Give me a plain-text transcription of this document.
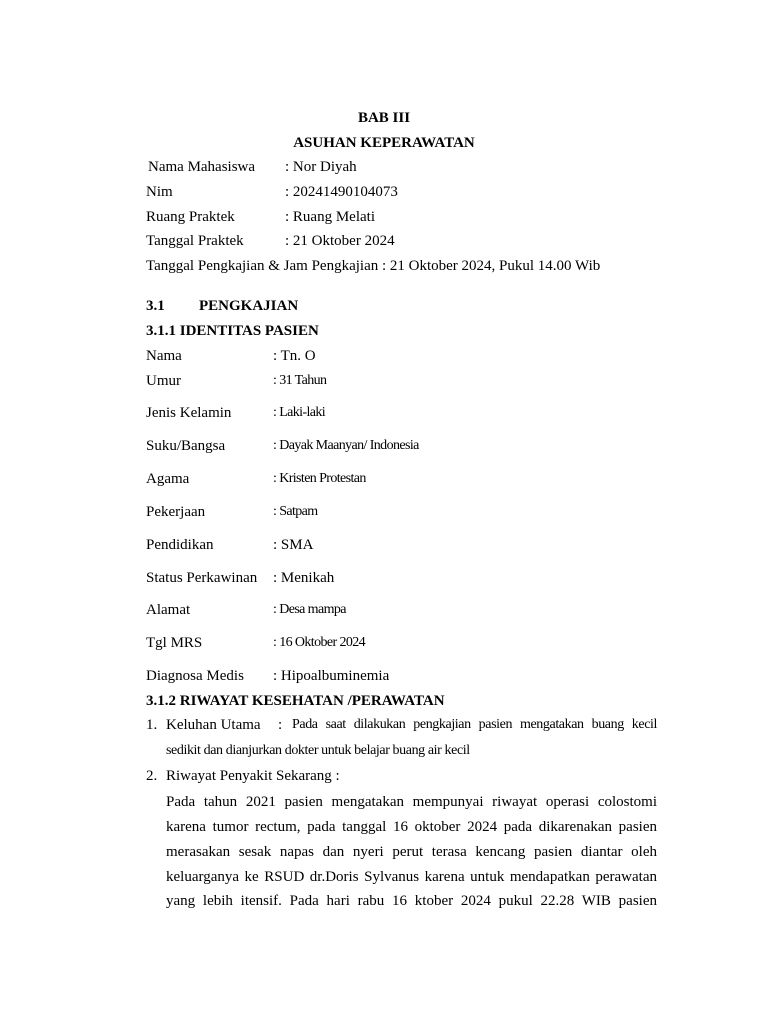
BAB III
ASUHAN KEPERAWATAN
Nama Mahasiswa : Nor Diyah
Nim	: 20241490104073
Ruang Praktek	: Ruang Melati
Tanggal Praktek	: 21 Oktober 2024
Tanggal Pengkajian & Jam Pengkajian : 21 Oktober 2024, Pukul 14.00 Wib
3.1 PENGKAJIAN
3.1.1 IDENTITAS PASIEN
Nama	: Tn. O
Umur	: 31 Tahun
Jenis Kelamin	: Laki-laki
Suku/Bangsa	: Dayak Maanyan/ Indonesia
Agama	: Kristen Protestan
Pekerjaan	: Satpam
Pendidikan	: SMA
Status Perkawinan : Menikah
Alamat	: Desa mampa
Tgl MRS	: 16 Oktober 2024
Diagnosa Medis : Hipoalbuminemia
3.1.2 RIWAYAT KESEHATAN /PERAWATAN
1. Keluhan Utama : Pada saat dilakukan pengkajian pasien mengatakan buang kecil
sedikit dan dianjurkan dokter untuk belajar buang air kecil
2. Riwayat Penyakit Sekarang :
Pada tahun 2021 pasien mengatakan mempunyai riwayat operasi colostomi
karena tumor rectum, pada tanggal 16 oktober 2024 pada dikarenakan pasien
merasakan sesak napas dan nyeri perut terasa kencang pasien diantar oleh
keluarganya ke RSUD dr.Doris Sylvanus karena untuk mendapatkan perawatan
yang lebih itensif. Pada hari rabu 16 ktober 2024 pukul 22.28 WIB pasien
